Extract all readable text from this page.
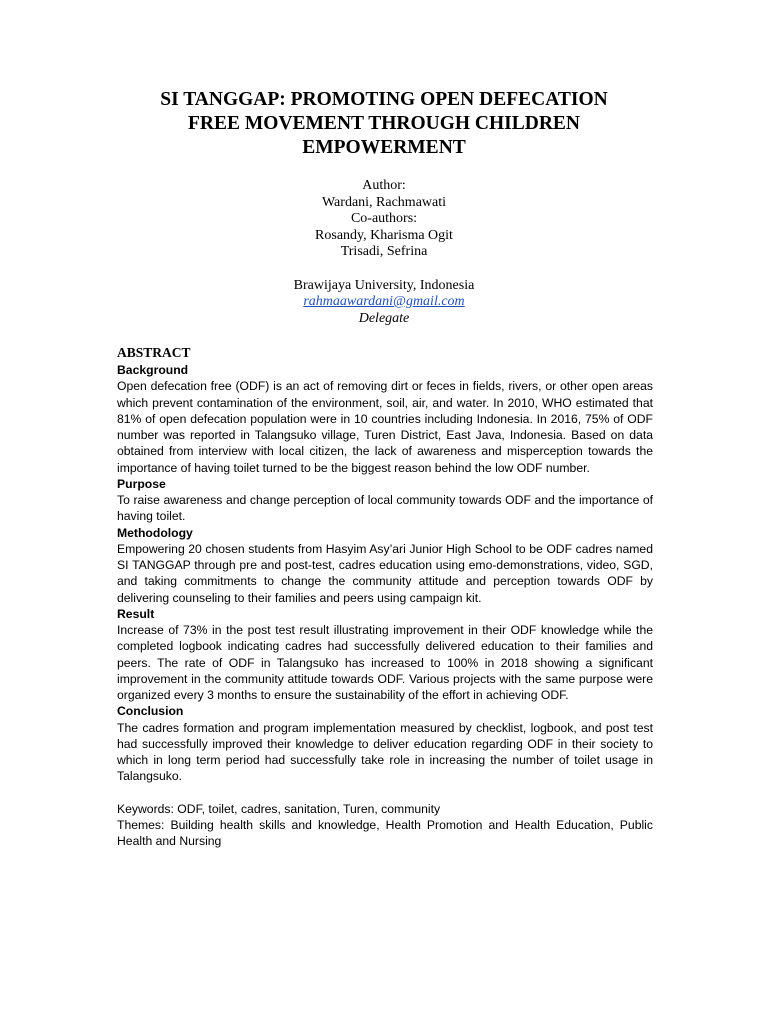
SI TANGGAP: PROMOTING OPEN DEFECATION
FREE MOVEMENT THROUGH CHILDREN
EMPOWERMENT
Author:
Wardani, Rachmawati
Co-authors:
Rosandy, Kharisma Ogit
Trisadi, Sefrina
Brawijaya University, Indonesia
rahmaawardani@gmail.com
Delegate
ABSTRACT
Background

Open defecation free (ODF) is an act of removing dirt or feces in fields, rivers, or other open areas which prevent contamination of the environment, soil, air, and water. In 2010, WHO estimated that 81% of open defecation population were in 10 countries including Indonesia. In 2016, 75% of ODF number was reported in Talangsuko village, Turen District, East Java, Indonesia. Based on data obtained from interview with local citizen, the lack of awareness and misperception towards the importance of having toilet turned to be the biggest reason behind the low ODF number.

Purpose

To raise awareness and change perception of local community towards ODF and the importance of having toilet.

Methodology

Empowering 20 chosen students from Hasyim Asy’ari Junior High School to be ODF cadres named SI TANGGAP through pre and post-test, cadres education using emo-demonstrations, video, SGD, and taking commitments to change the community attitude and perception towards ODF by delivering counseling to their families and peers using campaign kit.

Result

Increase of 73% in the post test result illustrating improvement in their ODF knowledge while the completed logbook indicating cadres had successfully delivered education to their families and peers. The rate of ODF in Talangsuko has increased to 100% in 2018 showing a significant improvement in the community attitude towards ODF. Various projects with the same purpose were organized every 3 months to ensure the sustainability of the effort in achieving ODF.

Conclusion

The cadres formation and program implementation measured by checklist, logbook, and post test had successfully improved their knowledge to deliver education regarding ODF in their society to which in long term period had successfully take role in increasing the number of toilet usage in Talangsuko.

Keywords: ODF, toilet, cadres, sanitation, Turen, community

Themes: Building health skills and knowledge, Health Promotion and Health Education, Public Health and Nursing
